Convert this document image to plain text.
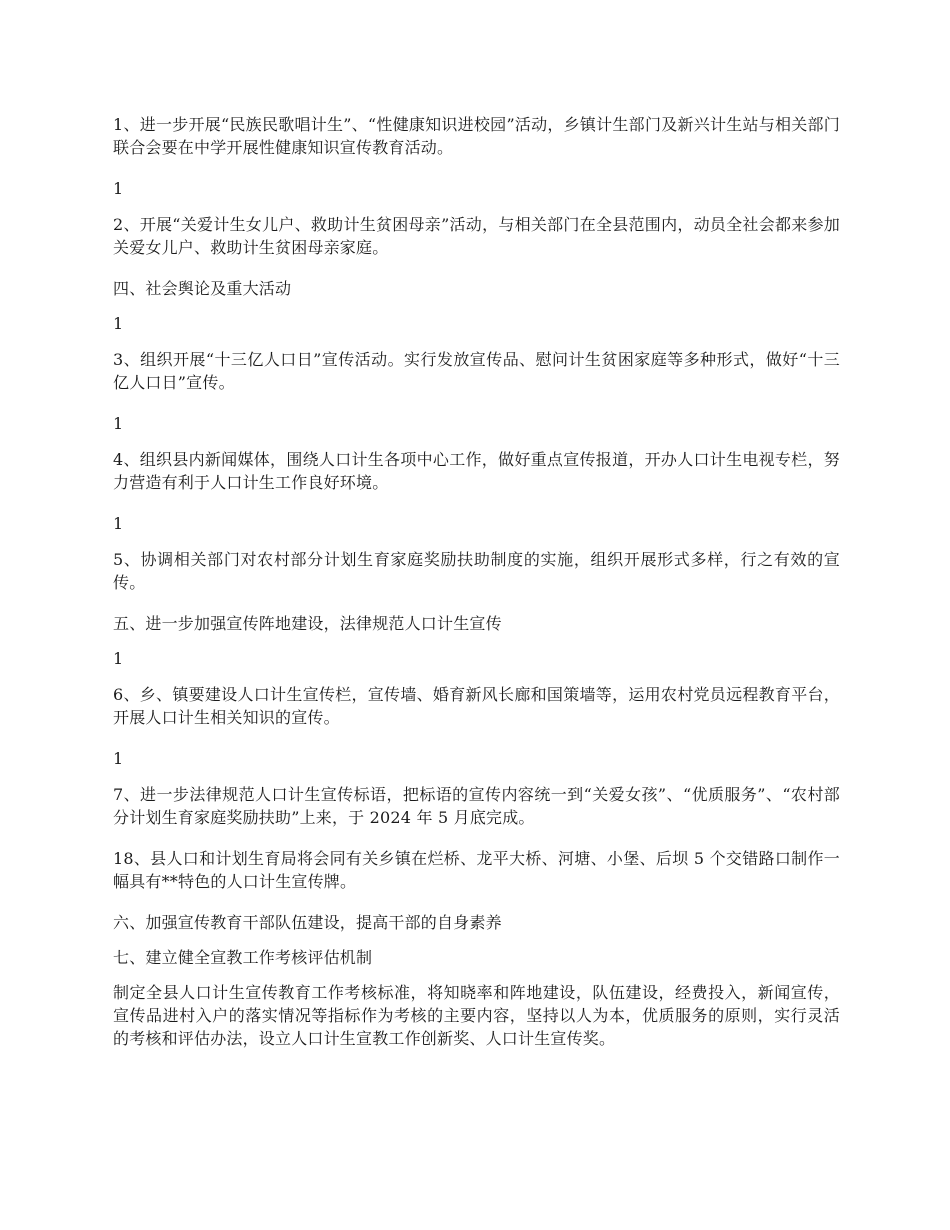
1、进一步开展“民族民歌唱计生”、“性健康知识进校园”活动，乡镇计生部门及新兴计生站与相关部门联合会要在中学开展性健康知识宣传教育活动。

1

2、开展“关爱计生女儿户、救助计生贫困母亲”活动，与相关部门在全县范围内，动员全社会都来参加关爱女儿户、救助计生贫困母亲家庭。

四、社会舆论及重大活动

1

3、组织开展“十三亿人口日”宣传活动。实行发放宣传品、慰问计生贫困家庭等多种形式，做好“十三亿人口日”宣传。

1

4、组织县内新闻媒体，围绕人口计生各项中心工作，做好重点宣传报道，开办人口计生电视专栏，努力营造有利于人口计生工作良好环境。

1

5、协调相关部门对农村部分计划生育家庭奖励扶助制度的实施，组织开展形式多样，行之有效的宣传。

五、进一步加强宣传阵地建设，法律规范人口计生宣传

1

6、乡、镇要建设人口计生宣传栏，宣传墙、婚育新风长廊和国策墙等，运用农村党员远程教育平台，开展人口计生相关知识的宣传。

1

7、进一步法律规范人口计生宣传标语，把标语的宣传内容统一到“关爱女孩”、“优质服务”、“农村部分计划生育家庭奖励扶助”上来，于 2024 年 5 月底完成。

18、县人口和计划生育局将会同有关乡镇在烂桥、龙平大桥、河塘、小堡、后坝 5 个交错路口制作一幅具有**特色的人口计生宣传牌。

六、加强宣传教育干部队伍建设，提高干部的自身素养

七、建立健全宣教工作考核评估机制

制定全县人口计生宣传教育工作考核标准，将知晓率和阵地建设，队伍建设，经费投入，新闻宣传，宣传品进村入户的落实情况等指标作为考核的主要内容，坚持以人为本，优质服务的原则，实行灵活的考核和评估办法，设立人口计生宣教工作创新奖、人口计生宣传奖。
